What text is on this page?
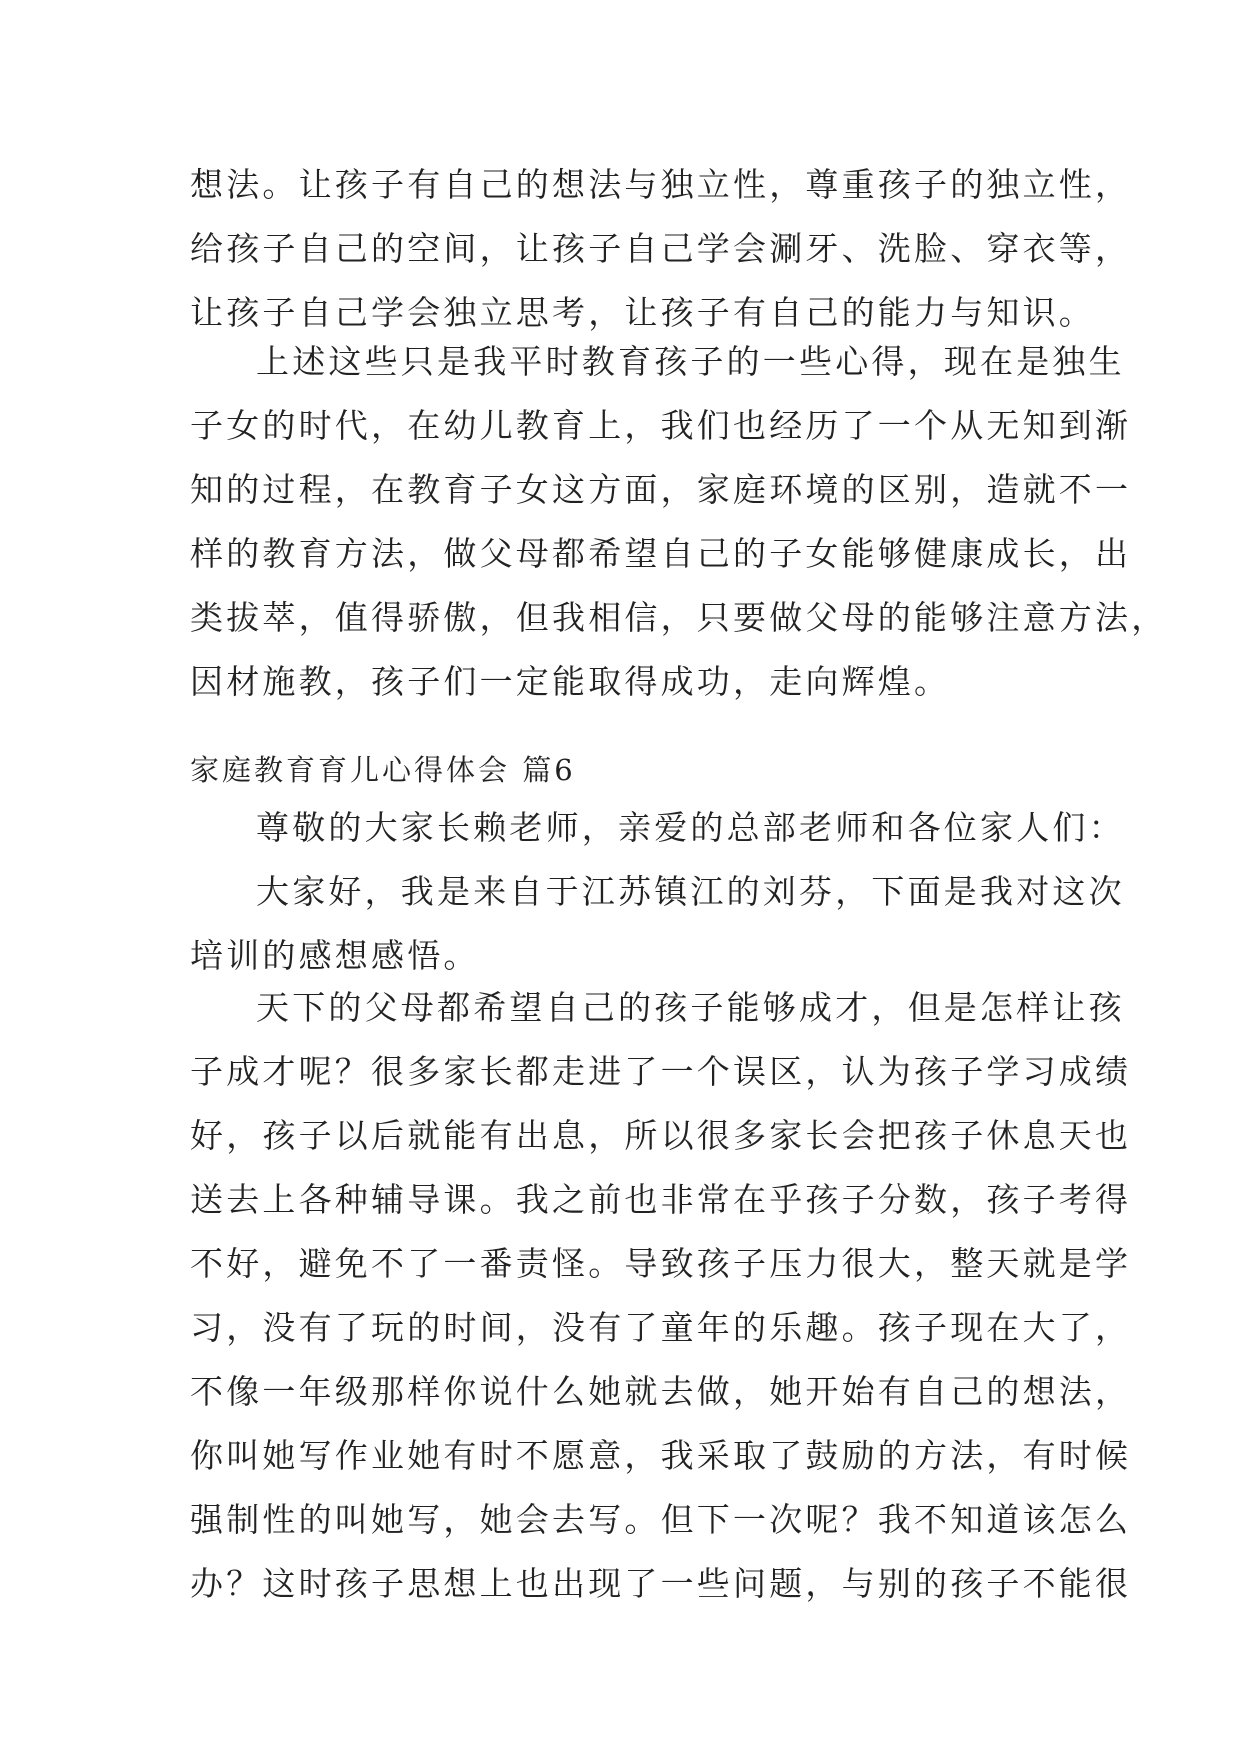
想法。让孩子有自己的想法与独立性，尊重孩子的独立性，
给孩子自己的空间，让孩子自己学会涮牙、洗脸、穿衣等，
让孩子自己学会独立思考，让孩子有自己的能力与知识。
上述这些只是我平时教育孩子的一些心得，现在是独生
子女的时代，在幼儿教育上，我们也经历了一个从无知到渐
知的过程，在教育子女这方面，家庭环境的区别，造就不一
样的教育方法，做父母都希望自己的子女能够健康成长，出
类拔萃，值得骄傲，但我相信，只要做父母的能够注意方法，
因材施教，孩子们一定能取得成功，走向辉煌。
家庭教育育儿心得体会 篇6
尊敬的大家长赖老师，亲爱的总部老师和各位家人们：
大家好，我是来自于江苏镇江的刘芬，下面是我对这次
培训的感想感悟。
天下的父母都希望自己的孩子能够成才，但是怎样让孩
子成才呢？很多家长都走进了一个误区，认为孩子学习成绩
好，孩子以后就能有出息，所以很多家长会把孩子休息天也
送去上各种辅导课。我之前也非常在乎孩子分数，孩子考得
不好，避免不了一番责怪。导致孩子压力很大，整天就是学
习，没有了玩的时间，没有了童年的乐趣。孩子现在大了，
不像一年级那样你说什么她就去做，她开始有自己的想法，
你叫她写作业她有时不愿意，我采取了鼓励的方法，有时候
强制性的叫她写，她会去写。但下一次呢？我不知道该怎么
办？这时孩子思想上也出现了一些问题，与别的孩子不能很
